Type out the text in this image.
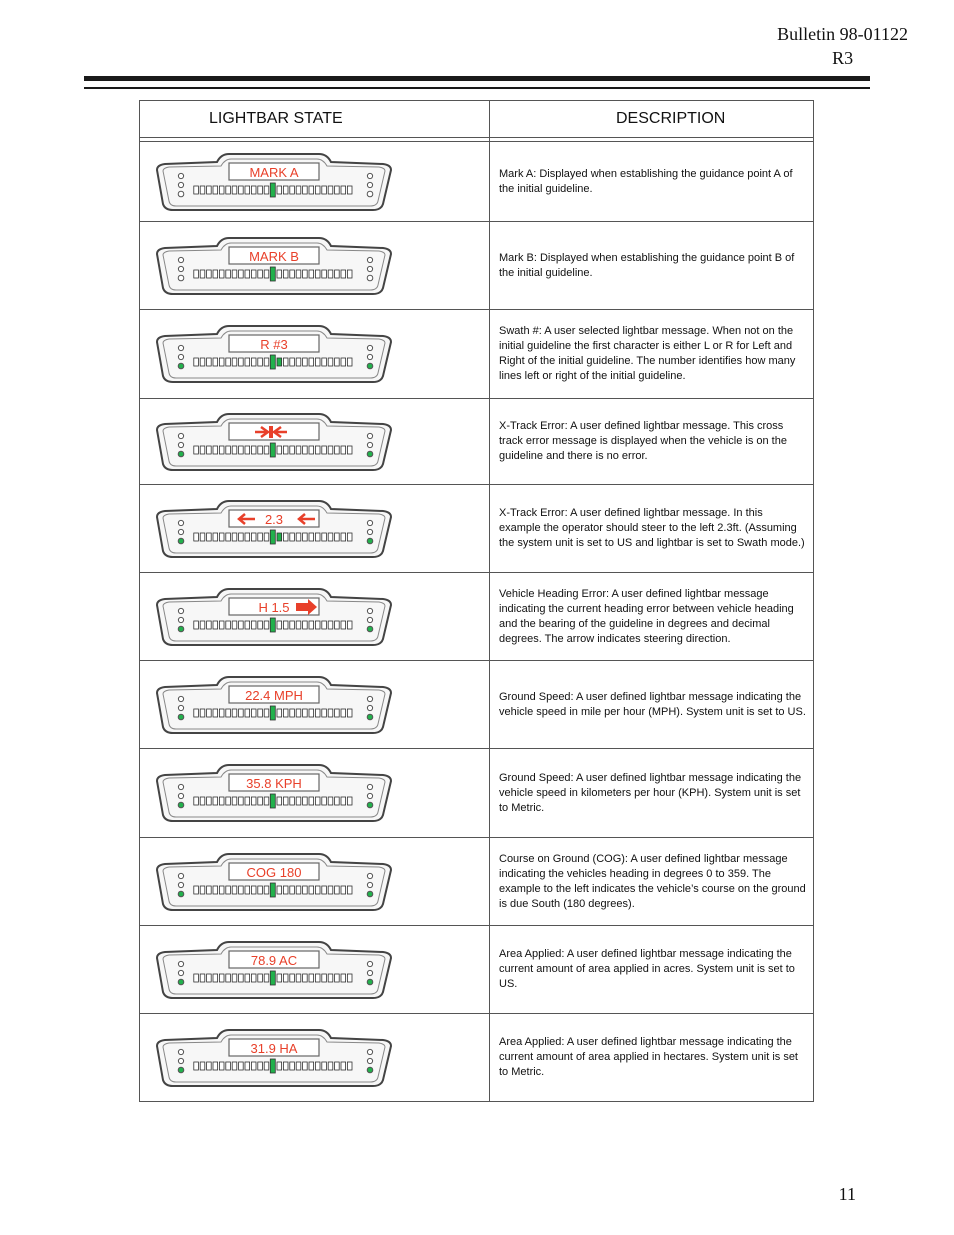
Bulletin 98-01122
R3
LIGHTBAR STATE	DESCRIPTION

MARK A	Mark A: Displayed when establishing the guidance point A of the initial guideline.

MARK B	Mark B: Displayed when establishing the guidance point B of the initial guideline.

R #3	Swath #: A user selected lightbar message. When not on the initial guideline the first character is either L or R for Left and Right of the initial guideline. The number identifies how many lines left or right of the initial guideline.

	X-Track Error: A user defined lightbar message. This cross track error message is displayed when the vehicle is on the guideline and there is no error.

2.3	X-Track Error: A user defined lightbar message. In this example the operator should steer to the left 2.3ft. (Assuming the system unit is set to US and lightbar is set to Swath mode.)

H 1.5	Vehicle Heading Error: A user defined lightbar message indicating the current heading error between vehicle heading and the bearing of the guideline in degrees and decimal degrees. The arrow indicates steering direction.

22.4 MPH	Ground Speed: A user defined lightbar message indicating the vehicle speed in mile per hour (MPH). System unit is set to US.

35.8 KPH	Ground Speed: A user defined lightbar message indicating the vehicle speed in kilometers per hour (KPH). System unit is set to Metric.

COG 180	Course on Ground (COG): A user defined lightbar message indicating the vehicles heading in degrees 0 to 359. The example to the left indicates the vehicle’s course on the ground is due South (180 degrees).

78.9 AC	Area Applied: A user defined lightbar message indicating the current amount of area applied in acres. System unit is set to US.

31.9 HA	Area Applied: A user defined lightbar message indicating the current amount of area applied in hectares. System unit is set to Metric.
11
